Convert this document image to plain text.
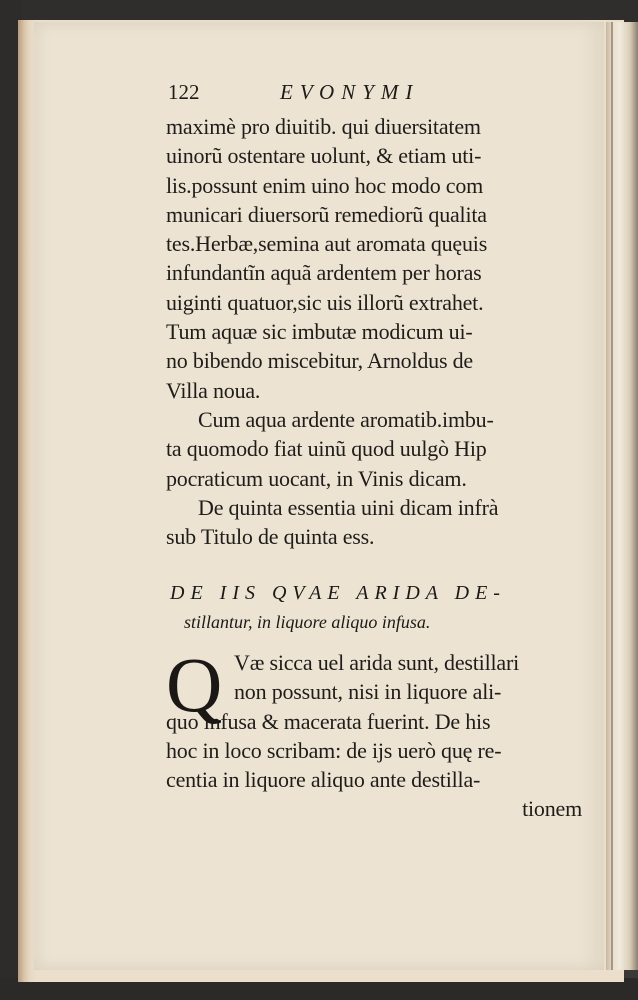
122	EVONYMI
maximè pro diuitib. qui diuersitatem
uinorũ ostentare uolunt, & etiam uti-
lis.possunt enim uino hoc modo com
municari diuersorũ remediorũ qualita
tes.Herbæ,semina aut aromata quęuis
infundantĩn aquã ardentem per horas
uiginti quatuor,sic uis illorũ extrahet.
Tum aquæ sic imbutæ modicum ui-
no bibendo miscebitur, Arnoldus de
Villa noua.
Cum aqua ardente aromatib.imbu-
ta quomodo fiat uinũ quod uulgò Hip
pocraticum uocant, in Vinis dicam.
De quinta essentia uini dicam infrà
sub Titulo de quinta ess.
DE IIS QVAE ARIDA DE-
stillantur, in liquore aliquo infusa.
Q Væ sicca uel arida sunt, destillari
non possunt, nisi in liquore ali-
quo infusa & macerata fuerint. De his
hoc in loco scribam: de ijs uerò quę re-
centia in liquore aliquo ante destilla-
tionem
